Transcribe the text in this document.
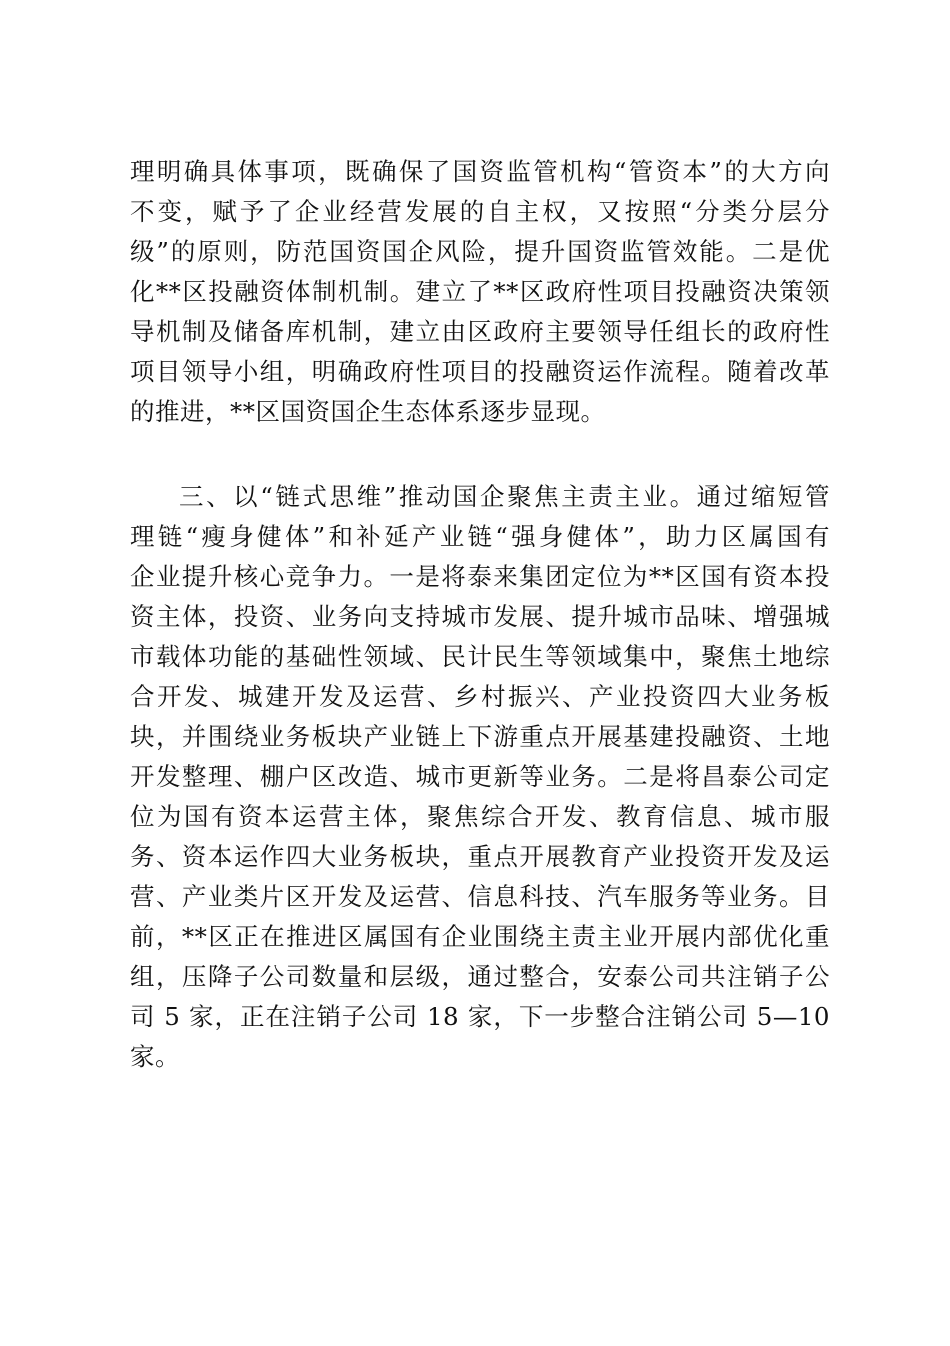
理明确具体事项，既确保了国资监管机构“管资本”的大方向
不变，赋予了企业经营发展的自主权，又按照“分类分层分
级”的原则，防范国资国企风险，提升国资监管效能。二是优
化**区投融资体制机制。建立了**区政府性项目投融资决策领
导机制及储备库机制，建立由区政府主要领导任组长的政府性
项目领导小组，明确政府性项目的投融资运作流程。随着改革
的推进，**区国资国企生态体系逐步显现。
三、以“链式思维”推动国企聚焦主责主业。通过缩短管
理链“瘦身健体”和补延产业链“强身健体”，助力区属国有
企业提升核心竞争力。一是将泰来集团定位为**区国有资本投
资主体，投资、业务向支持城市发展、提升城市品味、增强城
市载体功能的基础性领域、民计民生等领域集中，聚焦土地综
合开发、城建开发及运营、乡村振兴、产业投资四大业务板
块，并围绕业务板块产业链上下游重点开展基建投融资、土地
开发整理、棚户区改造、城市更新等业务。二是将昌泰公司定
位为国有资本运营主体，聚焦综合开发、教育信息、城市服
务、资本运作四大业务板块，重点开展教育产业投资开发及运
营、产业类片区开发及运营、信息科技、汽车服务等业务。目
前，**区正在推进区属国有企业围绕主责主业开展内部优化重
组，压降子公司数量和层级，通过整合，安泰公司共注销子公
司 5 家，正在注销子公司 18 家，下一步整合注销公司 5—10
家。
